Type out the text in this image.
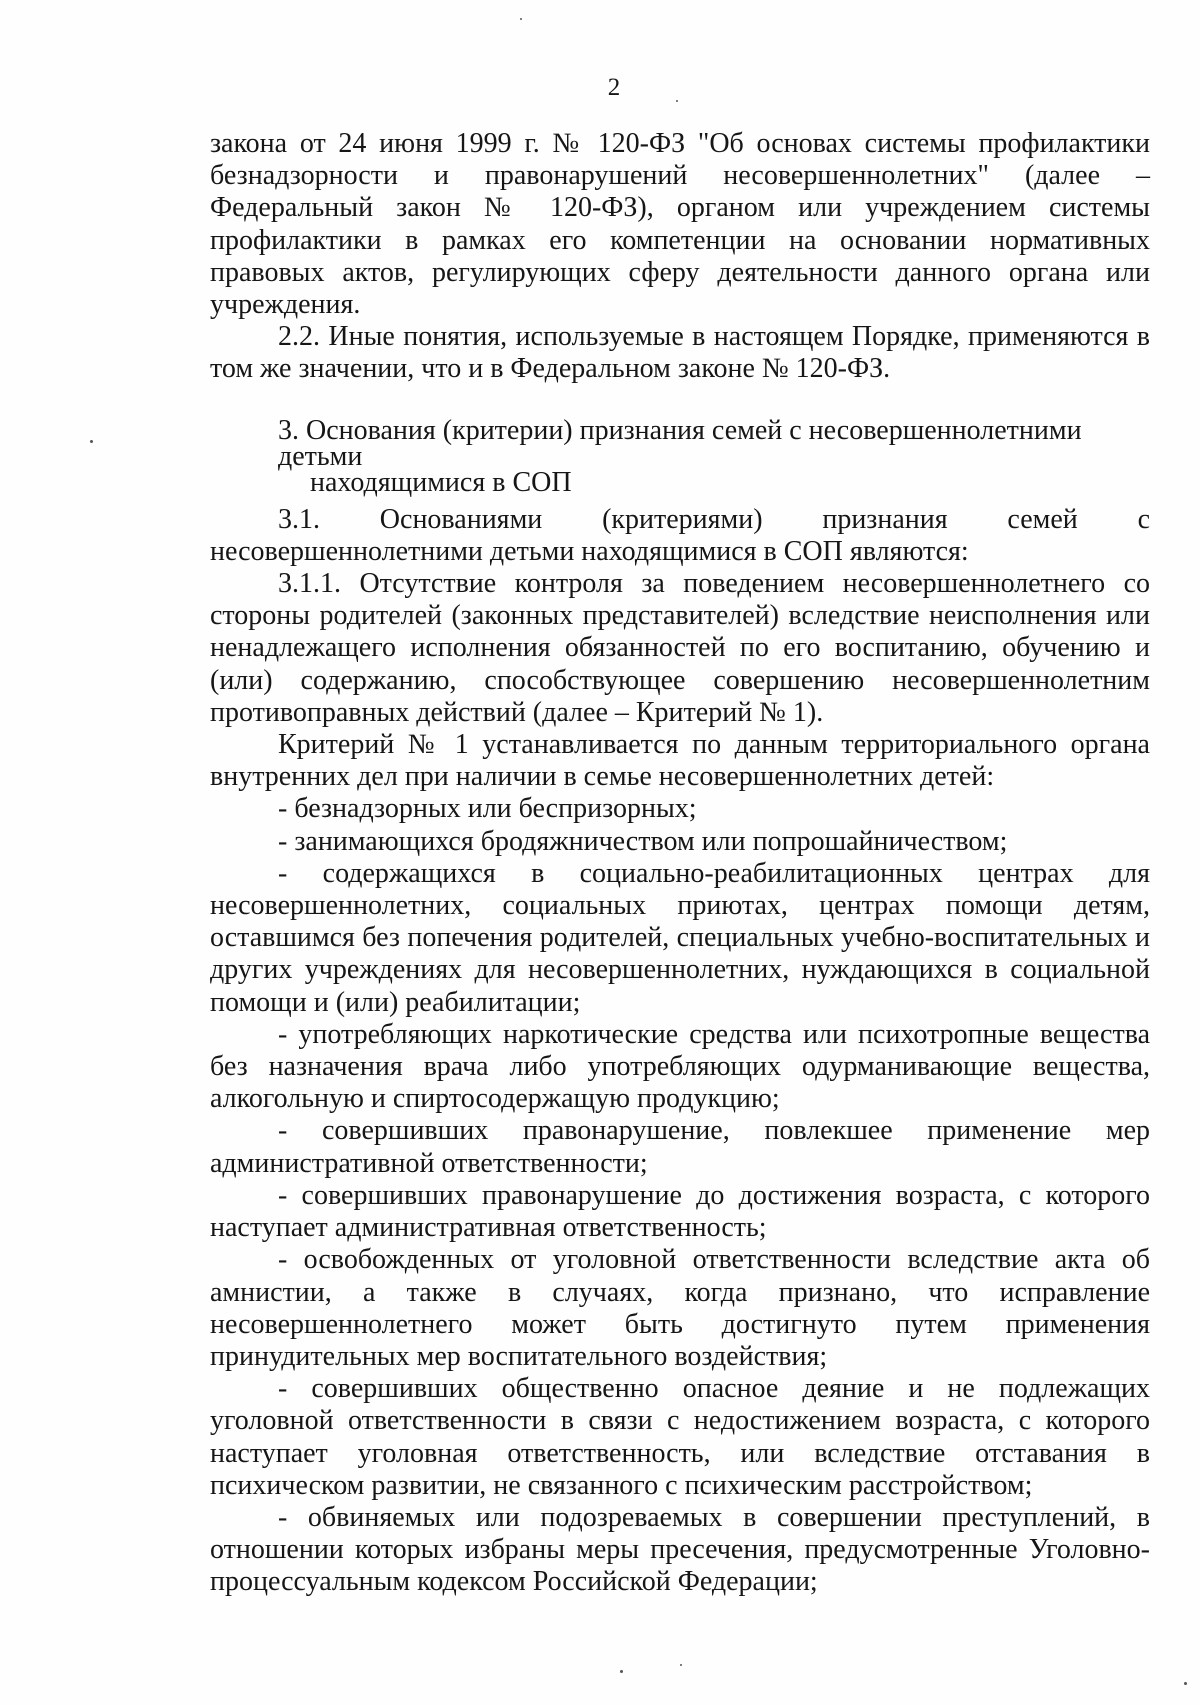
2

закона от 24 июня 1999 г. № 120-ФЗ "Об основах системы профилактики безнадзорности и правонарушений несовершеннолетних" (далее – Федеральный закон № 120-ФЗ), органом или учреждением системы профилактики в рамках его компетенции на основании нормативных правовых актов, регулирующих сферу деятельности данного органа или учреждения.

2.2. Иные понятия, используемые в настоящем Порядке, применяются в том же значении, что и в Федеральном законе № 120-ФЗ.

3. Основания (критерии) признания семей с несовершеннолетними детьми
находящимися в СОП

3.1. Основаниями (критериями) признания семей с несовершеннолетними детьми находящимися в СОП являются:

3.1.1. Отсутствие контроля за поведением несовершеннолетнего со стороны родителей (законных представителей) вследствие неисполнения или ненадлежащего исполнения обязанностей по его воспитанию, обучению и (или) содержанию, способствующее совершению несовершеннолетним противоправных действий (далее – Критерий № 1).

Критерий № 1 устанавливается по данным территориального органа внутренних дел при наличии в семье несовершеннолетних детей:

- безнадзорных или беспризорных;

- занимающихся бродяжничеством или попрошайничеством;

- содержащихся в социально-реабилитационных центрах для несовершеннолетних, социальных приютах, центрах помощи детям, оставшимся без попечения родителей, специальных учебно-воспитательных и других учреждениях для несовершеннолетних, нуждающихся в социальной помощи и (или) реабилитации;

- употребляющих наркотические средства или психотропные вещества без назначения врача либо употребляющих одурманивающие вещества, алкогольную и спиртосодержащую продукцию;

- совершивших правонарушение, повлекшее применение мер административной ответственности;

- совершивших правонарушение до достижения возраста, с которого наступает административная ответственность;

- освобожденных от уголовной ответственности вследствие акта об амнистии, а также в случаях, когда признано, что исправление несовершеннолетнего может быть достигнуто путем применения принудительных мер воспитательного воздействия;

- совершивших общественно опасное деяние и не подлежащих уголовной ответственности в связи с недостижением возраста, с которого наступает уголовная ответственность, или вследствие отставания в психическом развитии, не связанного с психическим расстройством;

- обвиняемых или подозреваемых в совершении преступлений, в отношении которых избраны меры пресечения, предусмотренные Уголовно-процессуальным кодексом Российской Федерации;
